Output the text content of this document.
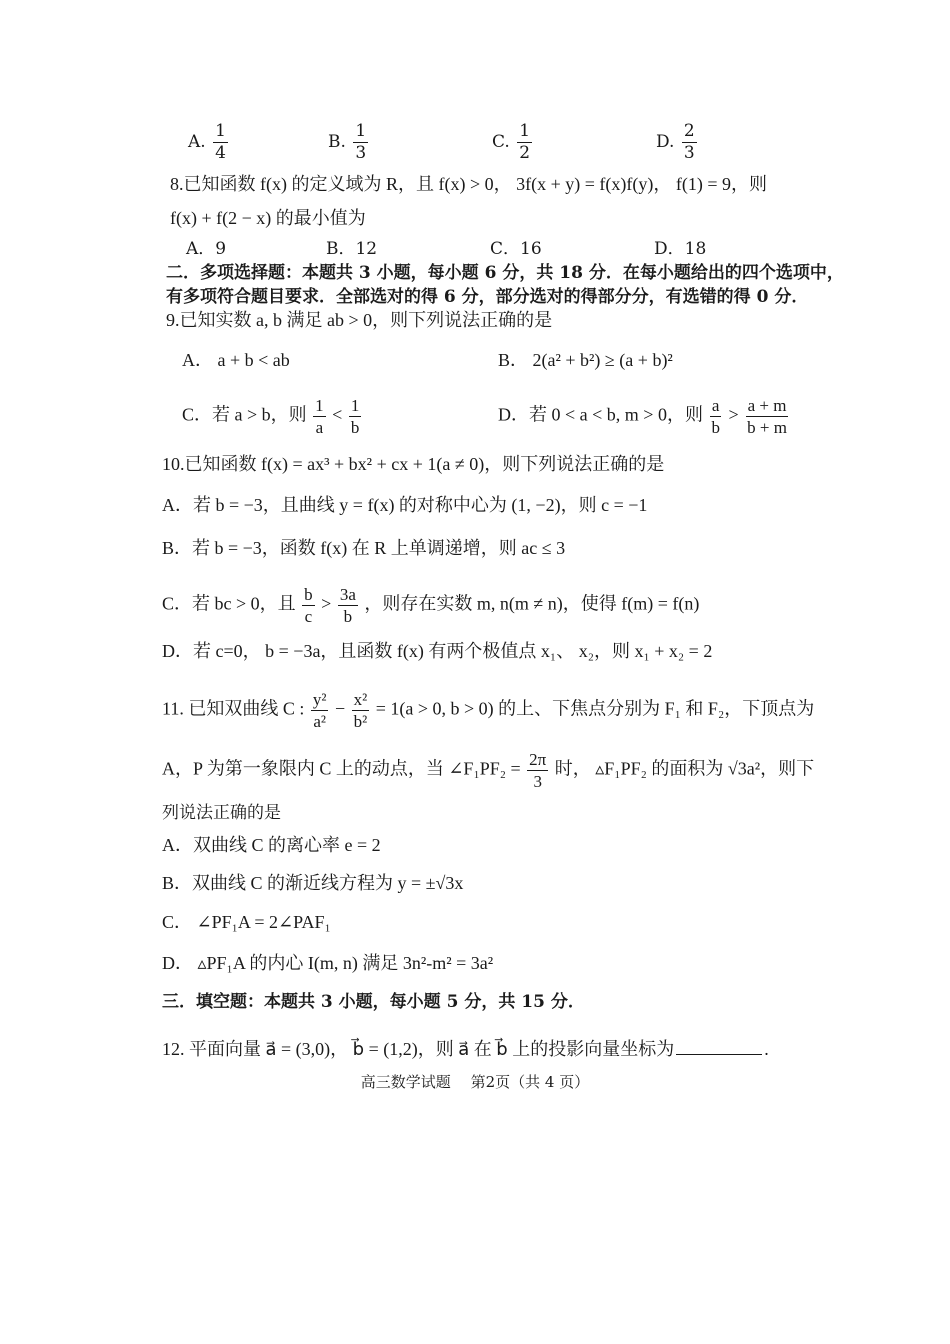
A. $\frac{1}{4}$	B. $\frac{1}{3}$	C. $\frac{1}{2}$	D. $\frac{2}{3}$
8.已知函数 f(x) 的定义域为 R，且 f(x) > 0， 3f(x + y) = f(x)f(y)， f(1) = 9，则
f(x) + f(2 − x) 的最小值为
A．9	B．12	C．16	D．18
二．多项选择题：本题共 3 小题，每小题 6 分，共 18 分．在每小题给出的四个选项中，
有多项符合题目要求．全部选对的得 6 分，部分选对的得部分分，有选错的得 0 分．
9.已知实数 a, b 满足 ab > 0，则下列说法正确的是
A． a + b < ab	B． 2(a² + b²) ≥ (a + b)²
C．若 a > b，则 $\frac{1}{a} < \frac{1}{b}$	D．若 0 < a < b, m > 0，则 $\frac{a}{b} > \frac{a + m}{b + m}$
10.已知函数 f(x) = ax³ + bx² + cx + 1(a ≠ 0)，则下列说法正确的是
A．若 b = −3，且曲线 y = f(x) 的对称中心为 (1, −2)，则 c = −1
B．若 b = −3，函数 f(x) 在 R 上单调递增，则 ac ≤ 3
C．若 bc > 0，且 $\frac{b}{c} > \frac{3a}{b}$ ，则存在实数 m, n(m ≠ n)，使得 f(m) = f(n)
D．若 c=0， b = −3a，且函数 f(x) 有两个极值点 x₁、 x₂，则 x₁ + x₂ = 2
11. 已知双曲线 C : $\frac{\text{y²}}{\text{a²}} - \frac{\text{x²}}{\text{b²}} = 1(a > 0$, b > 0) 的上、下焦点分别为 F₁ 和 F₂，下顶点为
A，P 为第一象限内 C 上的动点，当 ∠F₁PF₂ = $\frac{2\pi}{3}$ 时， ▵F₁PF₂ 的面积为 √3a²，则下
列说法正确的是
A．双曲线 C 的离心率 e = 2
B．双曲线 C 的渐近线方程为 y = ±√3x
C． ∠PF₁A = 2∠PAF₁
D． ▵PF₁A 的内心 I(m, n) 满足 3n²-m² = 3a²
三．填空题：本题共 3 小题，每小题 5 分，共 15 分．
12. 平面向量 a⃗ = (3,0)， b⃗ = (1,2)，则 a⃗ 在 b⃗ 上的投影向量坐标为	.
高三数学试题　 第2页（共 4 页）
